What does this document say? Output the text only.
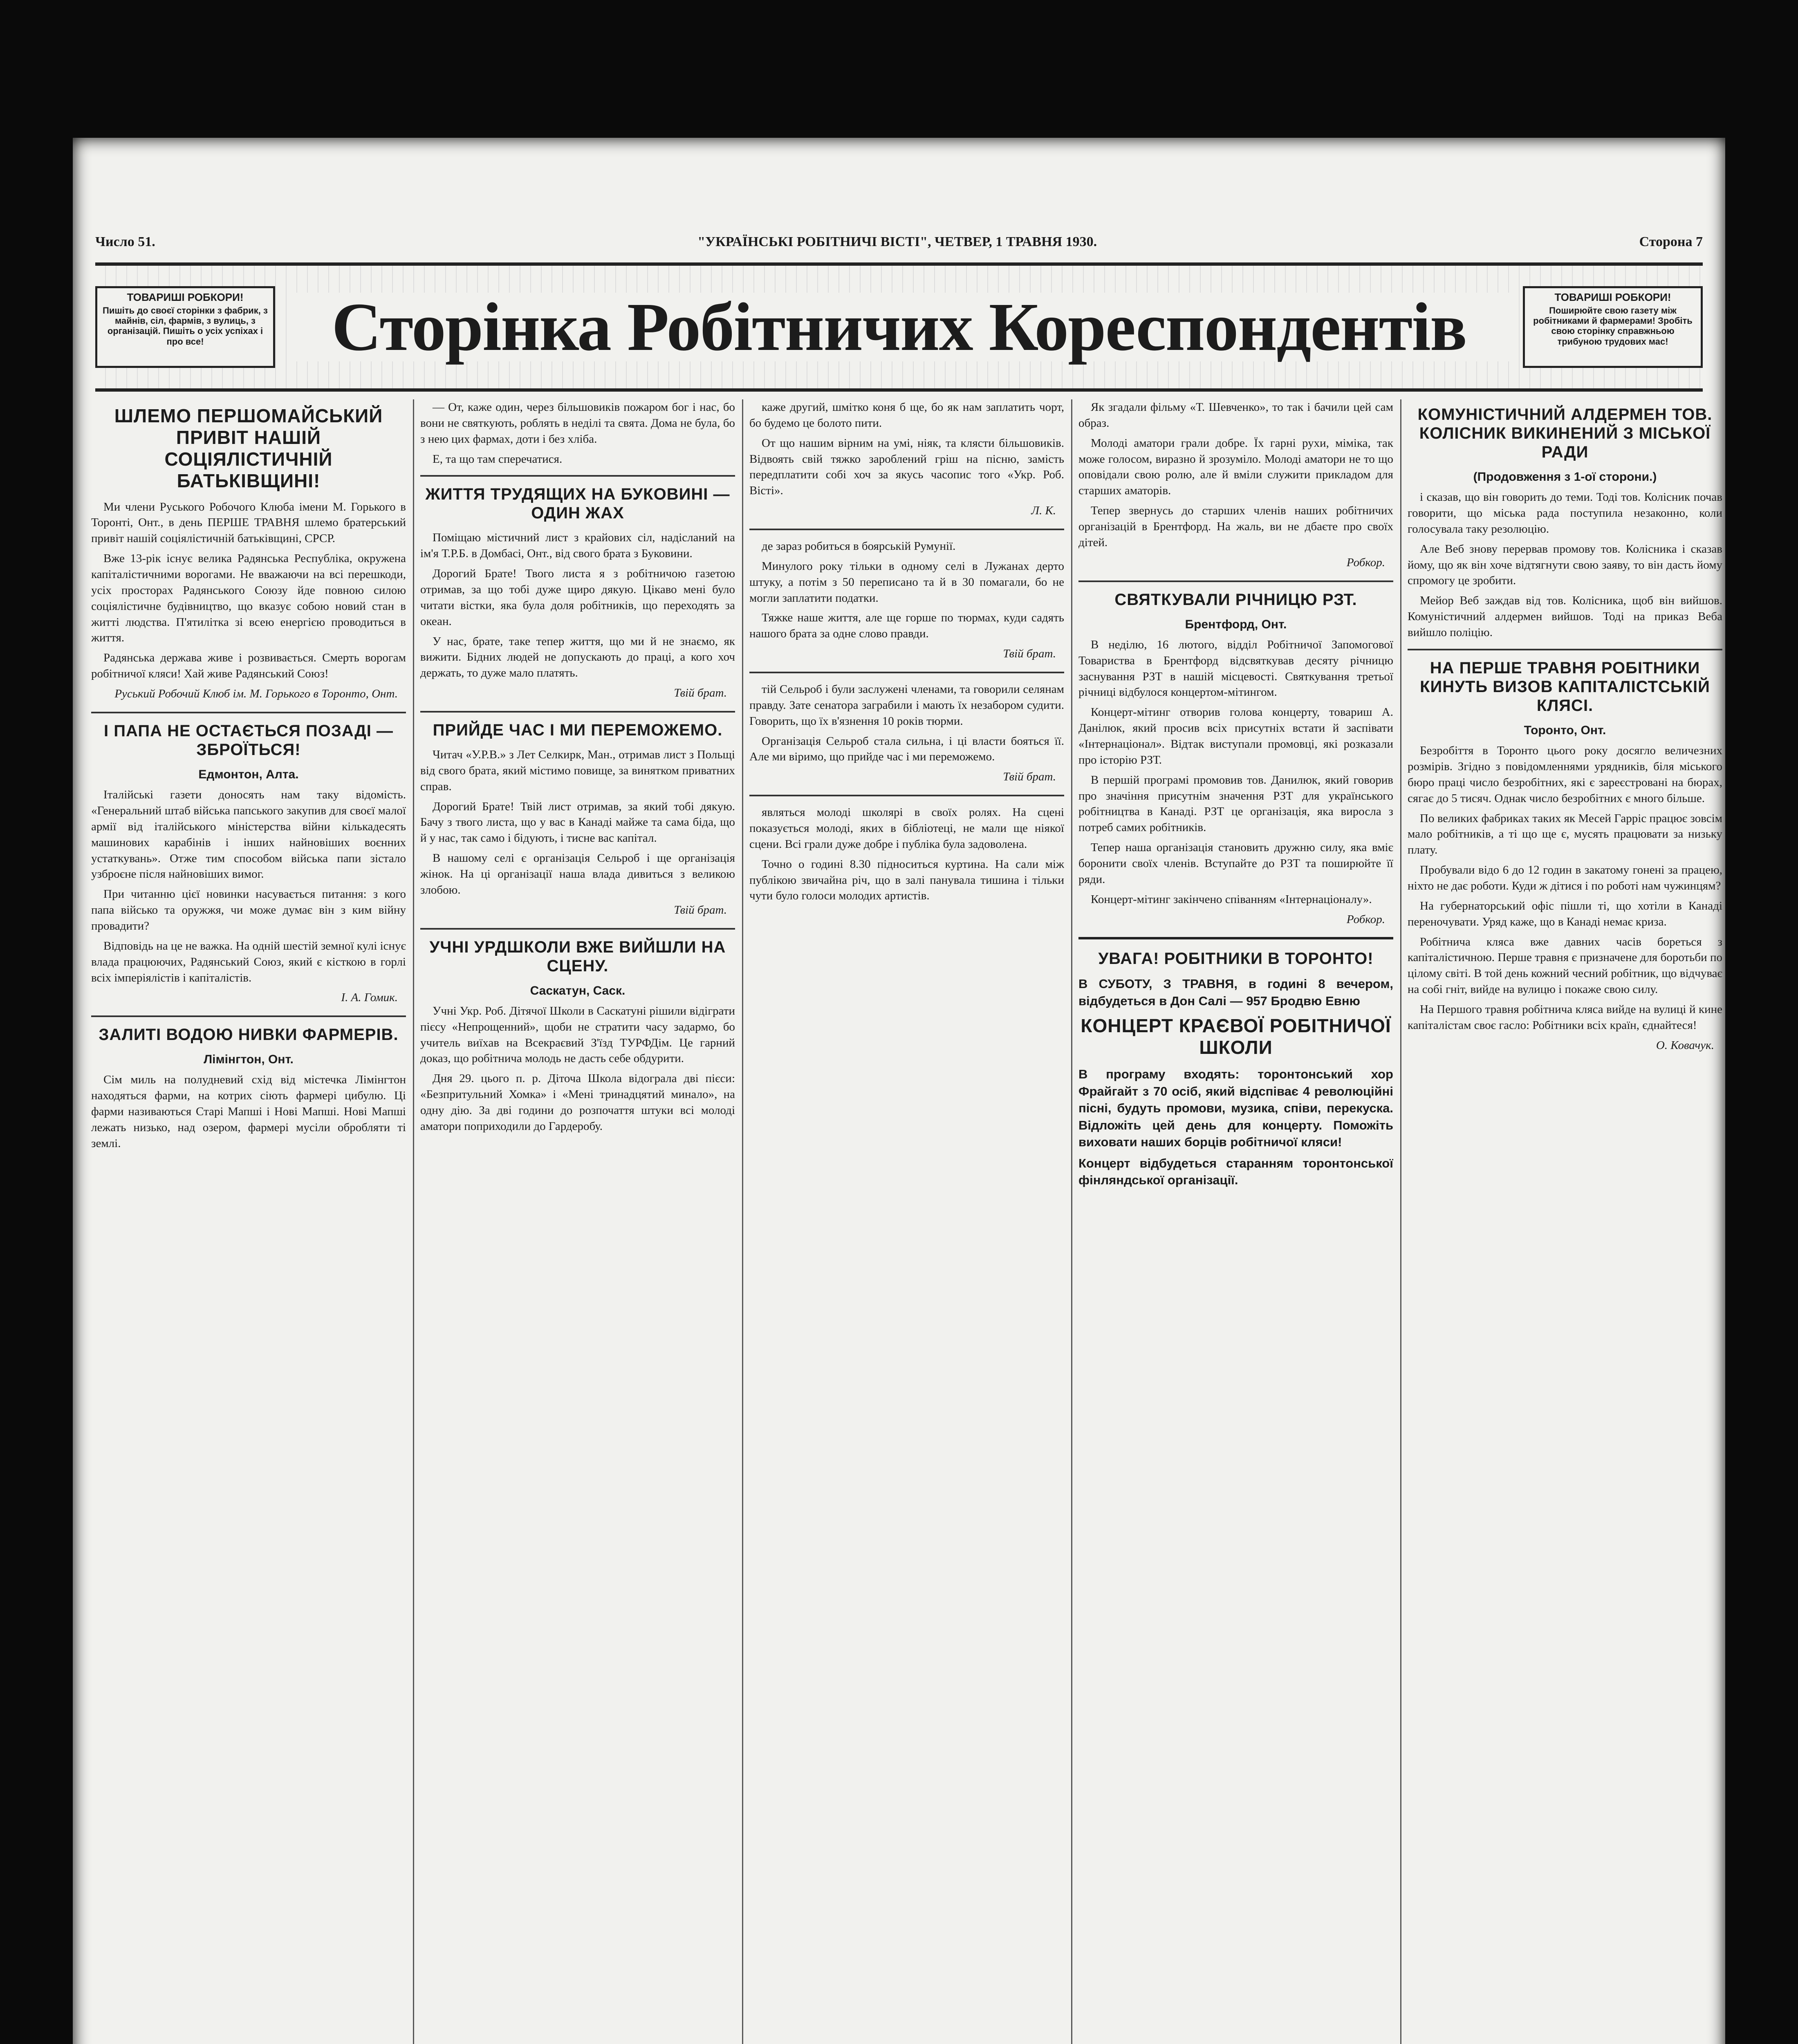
Число 51.	"УКРАЇНСЬКІ РОБІТНИЧІ ВІСТІ", ЧЕТВЕР, 1 ТРАВНЯ 1930.	Сторона 7
ТОВАРИШІ РОБКОРИ!
Пишіть до своєї сторінки з фабрик, з майнів, сіл, фармів, з вулиць, з організацій. Пишіть о усіх успіхах і про все!	Сторінка Робітничих Кореспондентів	ТОВАРИШІ РОБКОРИ!
Поширюйте свою газету між робітниками й фармерами! Зробіть свою сторінку справжньою трибуною трудових мас!
ШЛЕМО ПЕРШОМАЙСЬКИЙ ПРИВІТ НАШІЙ СОЦІЯЛІСТИЧНІЙ БАТЬКІВЩИНІ!

Ми члени Руського Робочого Клюба імени М. Горького в Торонті, Онт., в день ПЕРШЕ ТРАВНЯ шлемо братерський привіт нашій соціялістичній батьківщині, СРСР.

Вже 13-рік існує велика Радянська Республіка, окружена капіталістичними ворогами. Не вважаючи на всі перешкоди, усіх просторах Радянського Союзу йде повною силою соціялістичне будівництво, що вказує собою новий стан в житті людства. П'ятилітка зі всею енергією проводиться в життя.

Радянська держава живе і розвивається. Смерть ворогам робітничої кляси! Хай живе Радянський Союз!

Руський Робочий Клюб ім. М. Горького в Торонто, Онт.
І ПАПА НЕ ОСТАЄТЬСЯ ПОЗАДІ — ЗБРОЇТЬСЯ!
Едмонтон, Алта.

Італійські газети доносять нам таку відомість. «Генеральний штаб війська папського закупив для своєї малої армії від італійського міністерства війни кількадесять машинових карабінів і інших найновіших воєнних устаткувань». Отже тим способом війська папи зістало узброєне після найновіших вимог.

При читанню цієї новинки насувається питання: з кого папа військо та оружжя, чи може думає він з ким війну провадити?

Відповідь на це не важка. На одній шестій земної кулі існує влада працюючих, Радянський Союз, який є кісткою в горлі всіх імперіялістів і капіталістів.

І. А. Гомик.
ЗАЛИТІ ВОДОЮ НИВКИ ФАРМЕРІВ.
Лімінгтон, Онт.

Сім миль на полудневий схід від містечка Лімінгтон находяться фарми, на котрих сіють фармері цибулю. Ці фарми називаються Старі Мапші і Нові Мапші. Нові Мапші лежать низько, над озером, фармері мусіли обробляти ті землі.

— От, каже один, через більшовиків пожаром бог і нас, бо вони не святкують, роблять в неділі та свята. Дома не була, бо з нею цих фармах, доти і без хліба.

Е, та що там сперечатися.

ЖИТТЯ ТРУДЯЩИХ НА БУКОВИНІ — ОДИН ЖАХ

Поміщаю містичний лист з крайових сіл, надісланий на ім'я Т.Р.Б. в Домбасі, Онт., від свого брата з Буковини.

Дорогий Брате! Твого листа я з робітничою газетою отримав, за що тобі дуже щиро дякую. Цікаво мені було читати вістки, яка була доля робітників, що переходять за океан.

У нас, брате, таке тепер життя, що ми й не знаємо, як вижити. Бідних людей не допускають до праці, а кого хоч держать, то дуже мало платять.

Твій брат.
ПРИЙДЕ ЧАС І МИ ПЕРЕМОЖЕМО.

Читач «У.Р.В.» з Лет Селкирк, Ман., отримав лист з Польщі від свого брата, який містимо повище, за винятком приватних справ.

Дорогий Брате! Твій лист отримав, за який тобі дякую. Бачу з твого листа, що у вас в Канаді майже та сама біда, що й у нас, так само і бідують, і тисне вас капітал.

В нашому селі є організація Сельроб і ще організація жінок. На ці організації наша влада дивиться з великою злобою.

Твій брат.
УЧНІ УРДШКОЛИ ВЖЕ ВИЙШЛИ НА СЦЕНУ.
Саскатун, Саск.

Учні Укр. Роб. Дітячої Школи в Саскатуні рішили відіграти пієсу «Непрощенний», щоби не стратити часу задармо, бо учитель виїхав на Всекраєвий З'їзд ТУРФДім. Це гарний доказ, що робітнича молодь не дасть себе обдурити.

Дня 29. цього п. р. Діточа Школа відограла дві пієси: «Безпритульний Хомка» і «Мені тринадцятий минало», на одну дію. За дві години до розпочаття штуки всі молоді аматори поприходили до Гардеробу.

каже другий, шмітко коня б ще, бо як нам заплатить чорт, бо будемо це болото пити.

От що нашим вірним на умі, ніяк, та клясти більшовиків. Відвоять свій тяжко зароблений гріш на пісню, замість передплатити собі хоч за якусь часопис того «Укр. Роб. Вісті».

Л. К.

де зараз робиться в боярській Румунії.

Минулого року тільки в одному селі в Лужанах дерто штуку, а потім з 50 переписано та й в 30 помагали, бо не могли заплатити податки.

Тяжке наше життя, але ще горше по тюрмах, куди садять нашого брата за одне слово правди.

Твій брат.

тій Сельроб і були заслужені членами, та говорили селянам правду. Зате сенатора заграбили і мають їх незабором судити. Говорить, що їх в'язнення 10 років тюрми.

Організація Сельроб стала сильна, і ці власти бояться її. Але ми віримо, що прийде час і ми переможемо.

Твій брат.

являться молоді школярі в своїх ролях. На сцені показується молоді, яких в бібліотеці, не мали ще ніякої сцени. Всі грали дуже добре і публіка була задоволена.

Точно о годині 8.30 підноситься куртина. На сали між публікою звичайна річ, що в залі панувала тишина і тільки чути було голоси молодих артистів.

Як згадали фільму «Т. Шевченко», то так і бачили цей сам образ.

Молоді аматори грали добре. Їх гарні рухи, міміка, так може голосом, виразно й зрозуміло. Молоді аматори не то що оповідали свою ролю, але й вміли служити прикладом для старших аматорів.

Тепер звернусь до старших членів наших робітничих організацій в Брентфорд. На жаль, ви не дбаєте про своїх дітей.

Робкор.
СВЯТКУВАЛИ РІЧНИЦЮ РЗТ.
Брентфорд, Онт.

В неділю, 16 лютого, відділ Робітничої Запомогової Товариства в Брентфорд відсвяткував десяту річницю заснування РЗТ в нашій місцевості. Святкування третьої річниці відбулося концертом-мітингом.

Концерт-мітинг отворив голова концерту, товариш А. Данілюк, який просив всіх присутніх встати й заспівати «Інтернаціонал». Відтак виступали промовці, які розказали про історію РЗТ.

В першій програмі промовив тов. Данилюк, який говорив про значіння присутнім значення РЗТ для українського робітництва в Канаді. РЗТ це організація, яка виросла з потреб самих робітників.

Тепер наша організація становить дружню силу, яка вміє боронити своїх членів. Вступайте до РЗТ та поширюйте її ряди.

Концерт-мітинг закінчено співанням «Інтернаціоналу».

Робкор.
УВАГА! РОБІТНИКИ В ТОРОНТО!

В СУБОТУ, З ТРАВНЯ, в годині 8 вечером, відбудеться в Дон Салі — 957 Бродвю Евню

КОНЦЕРТ КРАЄВОЇ РОБІТНИЧОЇ ШКОЛИ

В програму входять: торонтонський хор Фрайгайт з 70 осіб, який відспіває 4 революційні пісні, будуть промови, музика, співи, перекуска. Відложіть цей день для концерту. Поможіть виховати наших борців робітничої кляси!

Концерт відбудеться старанням торонтонської фінляндської організації.

КОМУНІСТИЧНИЙ АЛДЕРМЕН ТОВ. КОЛІСНИК ВИКИНЕНИЙ З МІСЬКОЇ РАДИ
(Продовження з 1-ої сторони.)

і сказав, що він говорить до теми. Тоді тов. Колісник почав говорити, що міська рада поступила незаконно, коли голосувала таку резолюцію.

Але Веб знову перервав промову тов. Колісника і сказав йому, що як він хоче відтягнути свою заяву, то він дасть йому спромогу це зробити.

Мейор Веб заждав від тов. Колісника, щоб він вийшов. Комуністичний алдермен вийшов. Тоді на приказ Веба вийшло поліцію.

НА ПЕРШЕ ТРАВНЯ РОБІТНИКИ КИНУТЬ ВИЗОВ КАПІТАЛІСТСЬКІЙ КЛЯСІ.
Торонто, Онт.

Безробіття в Торонто цього року досягло величезних розмірів. Згідно з повідомленнями урядників, біля міського бюро праці число безробітних, які є зареєстровані на бюрах, сягає до 5 тисяч. Однак число безробітних є много більше.

По великих фабриках таких як Месей Гарріс працює зовсім мало робітників, а ті що ще є, мусять працювати за низьку плату.

Пробували відо 6 до 12 годин в закатому гонені за працею, ніхто не дає роботи. Куди ж дітися і по роботі нам чужинцям?

На губернаторський офіс пішли ті, що хотіли в Канаді переночувати. Уряд каже, що в Канаді немає криза.

Робітнича кляса вже давних часів бореться з капіталістичною. Перше травня є призначене для боротьби по цілому світі. В той день кожний чесний робітник, що відчуває на собі гніт, вийде на вулицю і покаже свою силу.

На Першого травня робітнича кляса вийде на вулиці й кине капіталістам своє гасло: Робітники всіх країн, єднайтеся!

О. Ковачук.
